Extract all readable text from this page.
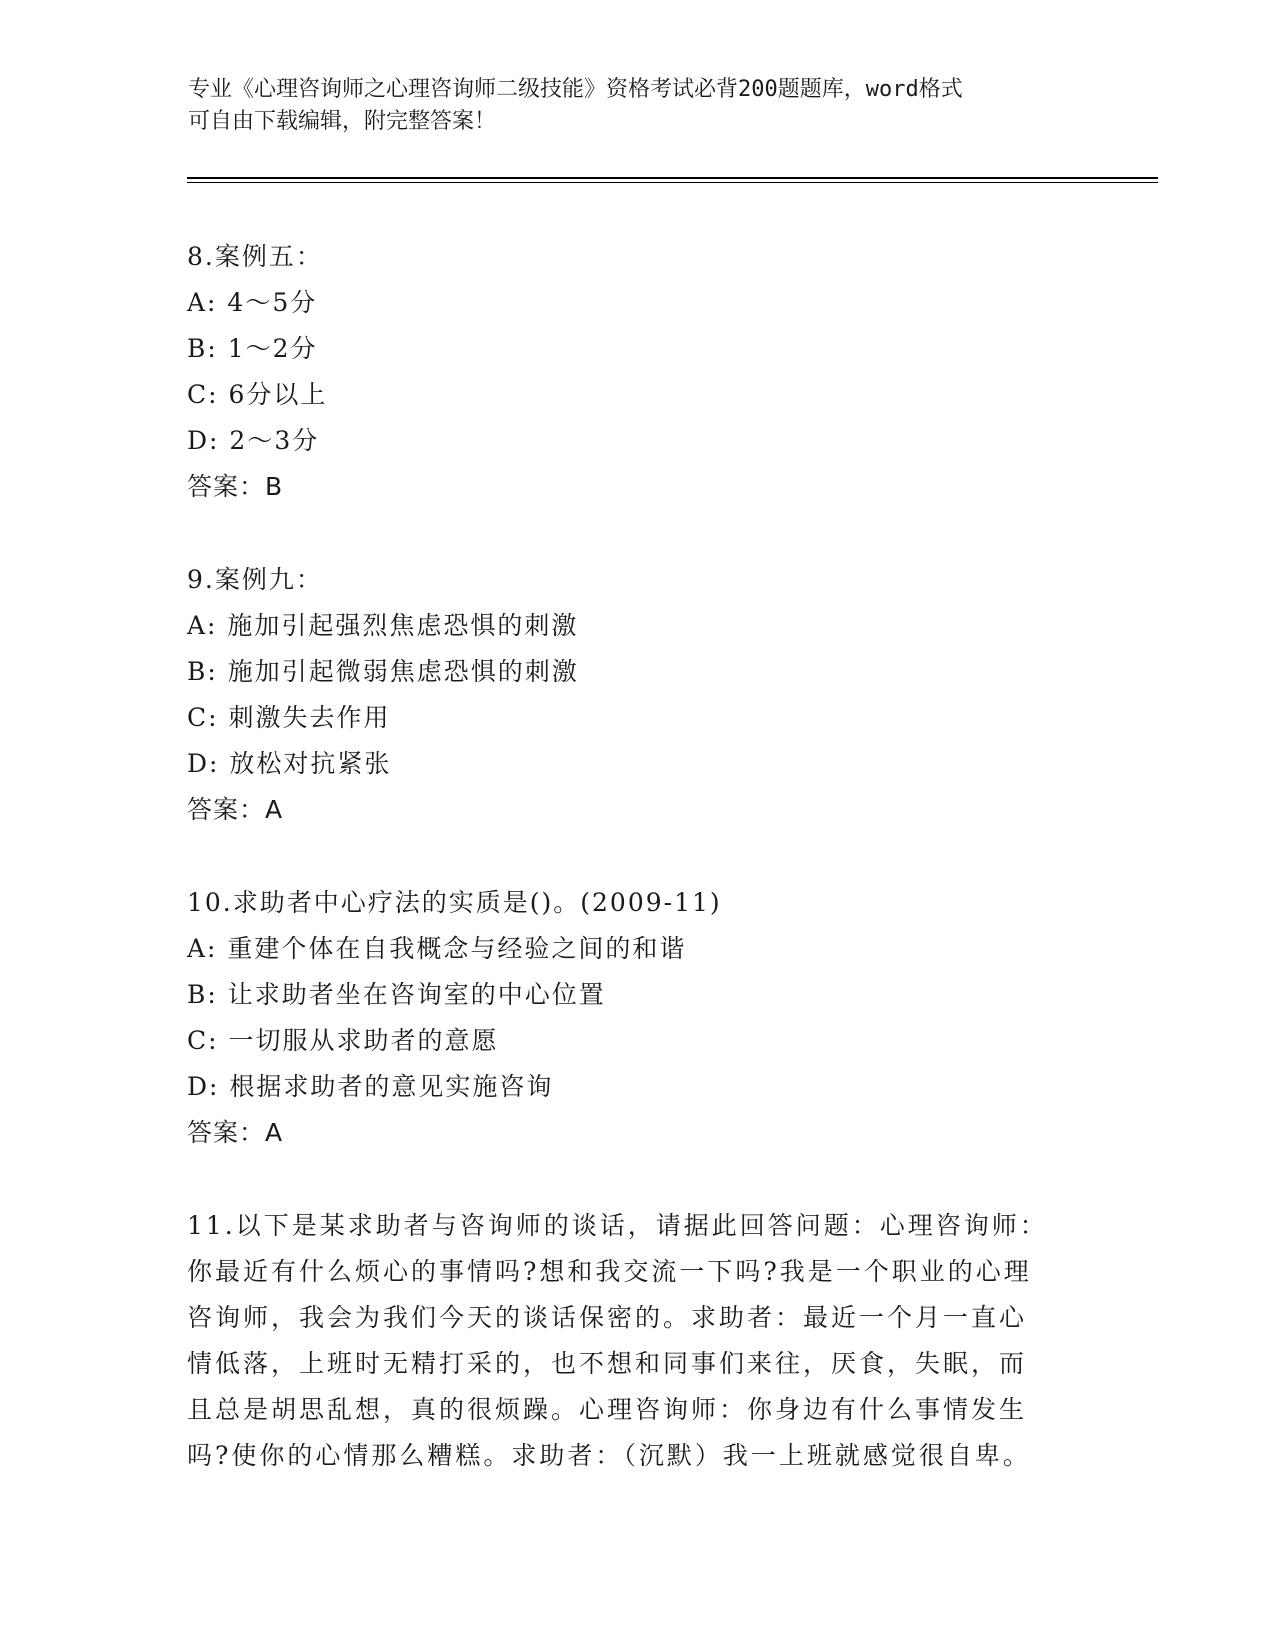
专业《心理咨询师之心理咨询师二级技能》资格考试必背200题题库，word格式
可自由下载编辑，附完整答案！
8.案例五：
A: 4～5分
B: 1～2分
C: 6分以上
D: 2～3分
答案：B
9.案例九：
A: 施加引起强烈焦虑恐惧的刺激
B: 施加引起微弱焦虑恐惧的刺激
C: 刺激失去作用
D: 放松对抗紧张
答案：A
10.求助者中心疗法的实质是()。(2009-11)
A: 重建个体在自我概念与经验之间的和谐
B: 让求助者坐在咨询室的中心位置
C: 一切服从求助者的意愿
D: 根据求助者的意见实施咨询
答案：A
11.以下是某求助者与咨询师的谈话，请据此回答问题：心理咨询师：
你最近有什么烦心的事情吗?想和我交流一下吗?我是一个职业的心理
咨询师，我会为我们今天的谈话保密的。求助者：最近一个月一直心
情低落，上班时无精打采的，也不想和同事们来往，厌食，失眠，而
且总是胡思乱想，真的很烦躁。心理咨询师：你身边有什么事情发生
吗?使你的心情那么糟糕。求助者：（沉默）我一上班就感觉很自卑。
